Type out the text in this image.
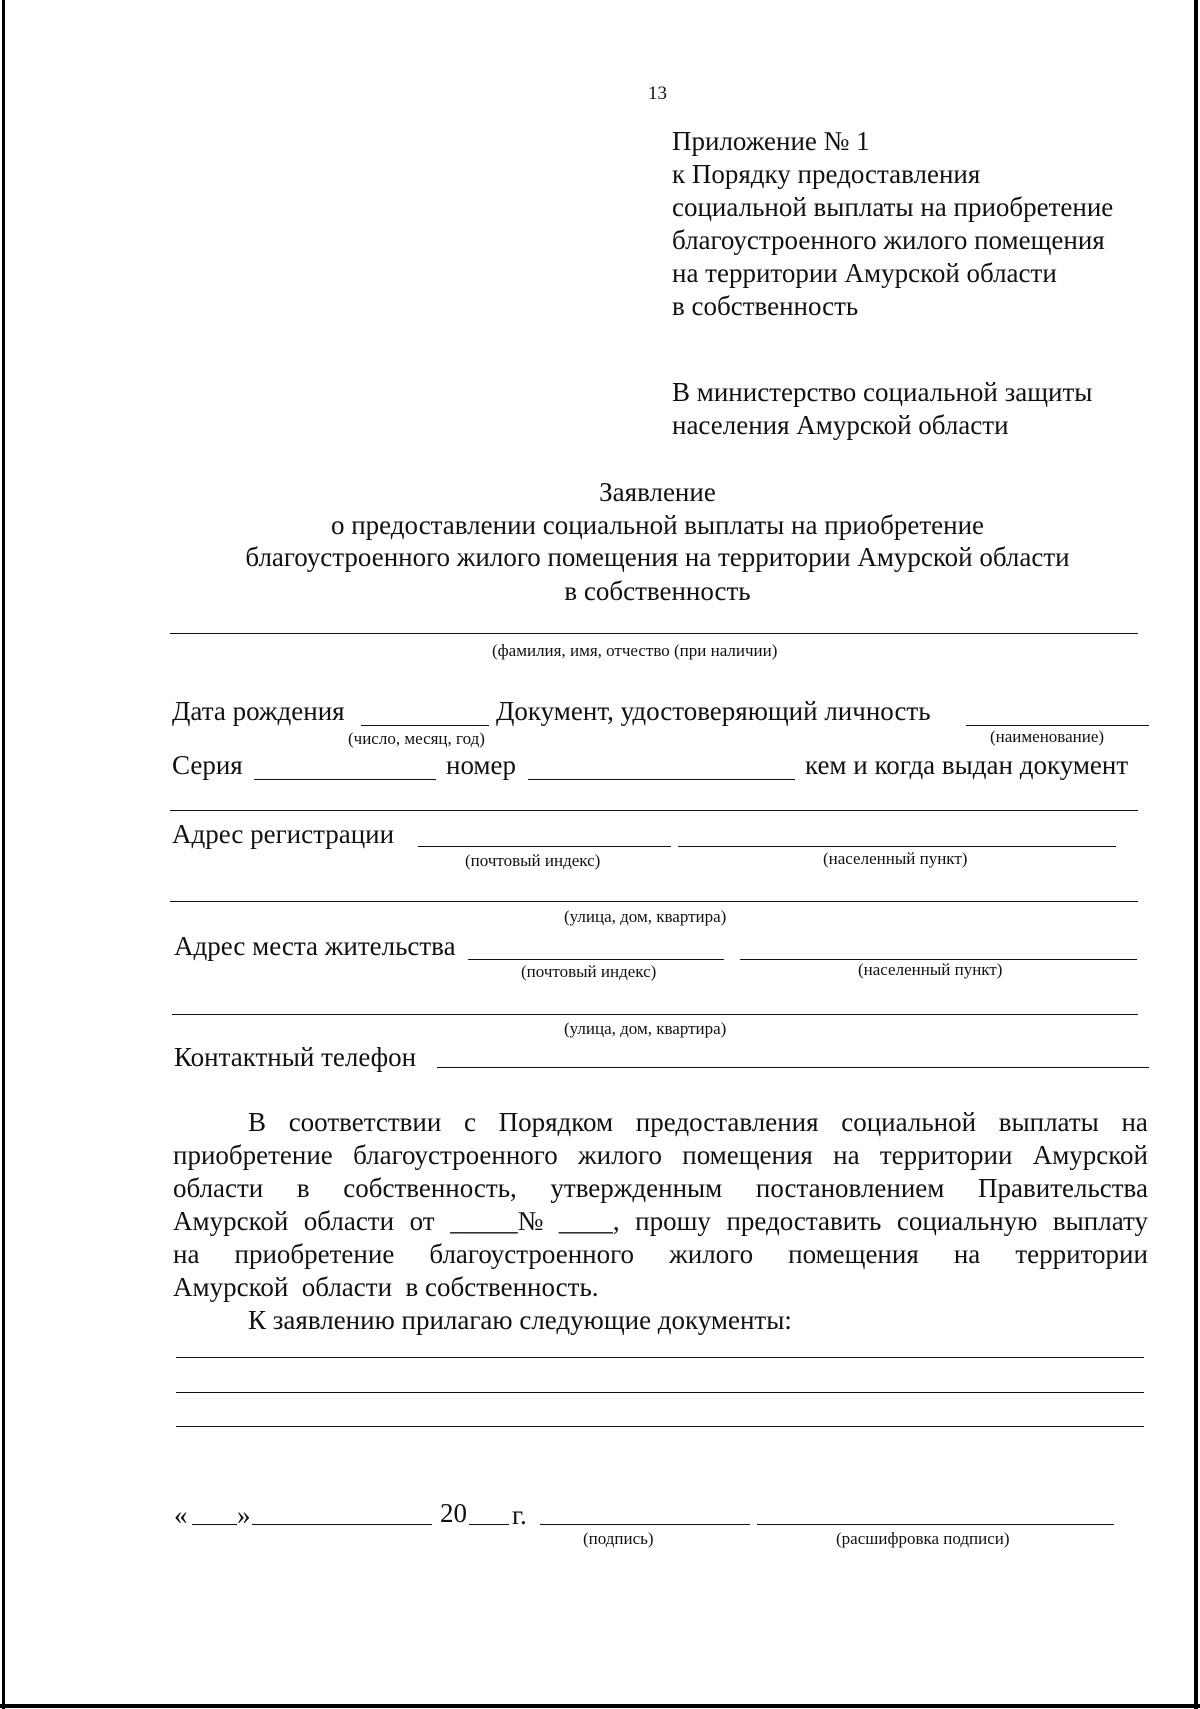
13
Приложение № 1
к Порядку предоставления
социальной выплаты на приобретение
благоустроенного жилого помещения
на территории Амурской области
в собственность
В министерство социальной защиты
населения Амурской области
Заявление
о предоставлении социальной выплаты на приобретение
благоустроенного жилого помещения на территории Амурской области
в собственность
(фамилия, имя, отчество (при наличии)
Дата рождения	Документ, удостоверяющий личность
(число, месяц, год)	(наименование)
Серия	номер	кем и когда выдан документ
Адрес регистрации
(почтовый индекс)	(населенный пункт)
(улица, дом, квартира)
Адрес места жительства
(почтовый индекс)	(населенный пункт)
(улица, дом, квартира)
Контактный телефон
В соответствии с Порядком предоставления социальной выплаты на
приобретение благоустроенного жилого помещения на территории Амурской
области в собственность, утвержденным постановлением Правительства
Амурской области от _____№ ____, прошу предоставить социальную выплату
на приобретение благоустроенного жилого помещения на территории
Амурской  области  в собственность.
К заявлению прилагаю следующие документы:
« »	20 г.
(подпись)	(расшифровка подписи)
